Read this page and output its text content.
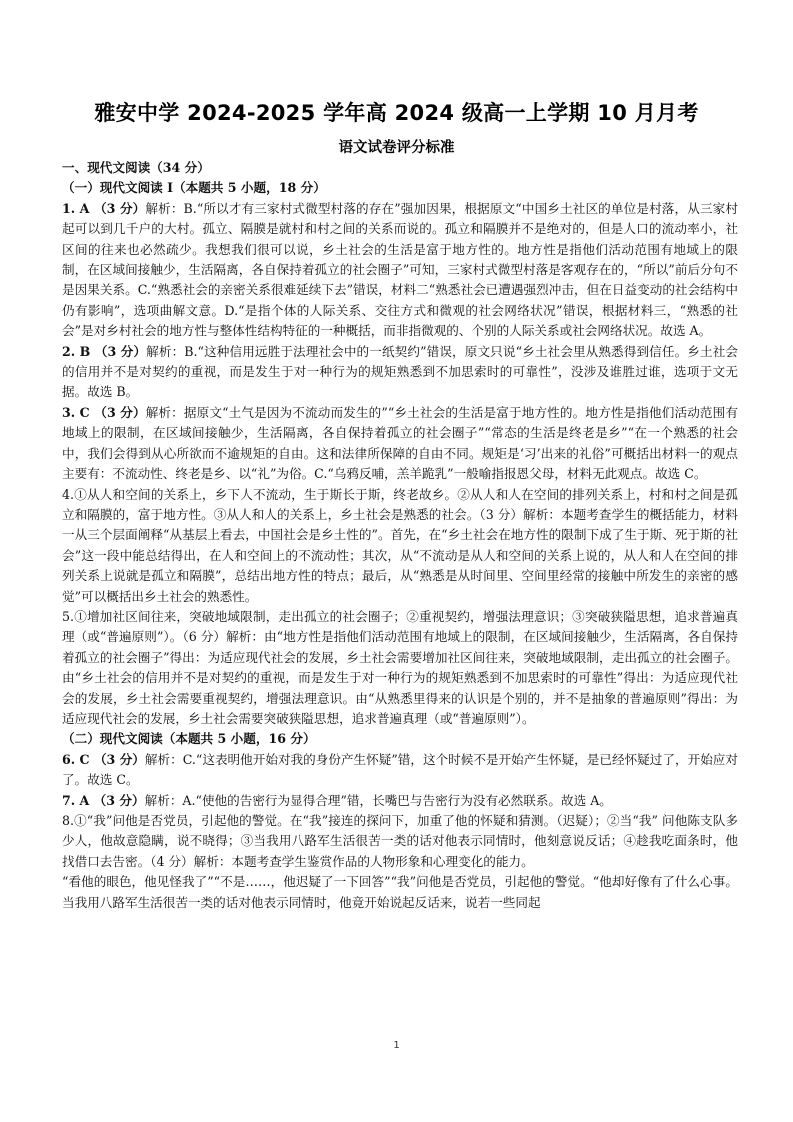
雅安中学 2024-2025 学年高 2024 级高一上学期 10 月月考
语文试卷评分标准

一、现代文阅读（34 分）

（一）现代文阅读 I（本题共 5 小题，18 分）

1. A （3 分）解析：B.“所以才有三家村式微型村落的存在”强加因果，根据原文“中国乡土社区的单位是村落，从三家村起可以到几千户的大村。孤立、隔膜是就村和村之间的关系而说的。孤立和隔膜并不是绝对的，但是人口的流动率小，社区间的往来也必然疏少。我想我们很可以说，乡土社会的生活是富于地方性的。地方性是指他们活动范围有地域上的限制，在区域间接触少，生活隔离，各自保持着孤立的社会圈子”可知，三家村式微型村落是客观存在的，“所以”前后分句不是因果关系。C.“熟悉社会的亲密关系很难延续下去”错误，材料二“熟悉社会已遭遇强烈冲击，但在日益变动的社会结构中仍有影响”，选项曲解文意。D.“是指个体的人际关系、交往方式和微观的社会网络状况”错误，根据材料三，“熟悉的社会”是对乡村社会的地方性与整体性结构特征的一种概括，而非指微观的、个别的人际关系或社会网络状况。故选 A。

2. B （3 分）解析：B.“这种信用远胜于法理社会中的一纸契约”错误，原文只说“乡土社会里从熟悉得到信任。乡土社会的信用并不是对契约的重视，而是发生于对一种行为的规矩熟悉到不加思索时的可靠性”，没涉及谁胜过谁，选项于文无据。故选 B。

3. C （3 分）解析：据原文“土气是因为不流动而发生的”“乡土社会的生活是富于地方性的。地方性是指他们活动范围有地域上的限制，在区域间接触少，生活隔离，各自保持着孤立的社会圈子”“常态的生活是终老是乡”“在一个熟悉的社会中，我们会得到从心所欲而不逾规矩的自由。这和法律所保障的自由不同。规矩是‘习’出来的礼俗”可概括出材料一的观点主要有：不流动性、终老是乡、以“礼”为俗。C.“乌鸦反哺，羔羊跪乳”一般喻指报恩父母，材料无此观点。故选 C。

4.①从人和空间的关系上，乡下人不流动，生于斯长于斯，终老故乡。②从人和人在空间的排列关系上，村和村之间是孤立和隔膜的，富于地方性。③从人和人的关系上，乡土社会是熟悉的社会。（3 分）解析：本题考查学生的概括能力，材料一从三个层面阐释“从基层上看去，中国社会是乡土性的”。首先，在“乡土社会在地方性的限制下成了生于斯、死于斯的社会”这一段中能总结得出，在人和空间上的不流动性；其次，从“不流动是从人和空间的关系上说的，从人和人在空间的排列关系上说就是孤立和隔膜”，总结出地方性的特点；最后，从“熟悉是从时间里、空间里经常的接触中所发生的亲密的感觉”可以概括出乡土社会的熟悉性。

5.①增加社区间往来，突破地域限制，走出孤立的社会圈子；②重视契约，增强法理意识；③突破狭隘思想，追求普遍真理（或“普遍原则”）。（6 分）解析：由“地方性是指他们活动范围有地域上的限制，在区域间接触少，生活隔离，各自保持着孤立的社会圈子”得出：为适应现代社会的发展，乡土社会需要增加社区间往来，突破地域限制，走出孤立的社会圈子。由“乡土社会的信用并不是对契约的重视，而是发生于对一种行为的规矩熟悉到不加思索时的可靠性”得出：为适应现代社会的发展，乡土社会需要重视契约，增强法理意识。由“从熟悉里得来的认识是个别的，并不是抽象的普遍原则”得出：为适应现代社会的发展，乡土社会需要突破狭隘思想，追求普遍真理（或“普遍原则”）。

（二）现代文阅读（本题共 5 小题，16 分）

6. C （3 分）解析：C.“这表明他开始对我的身份产生怀疑”错，这个时候不是开始产生怀疑，是已经怀疑过了，开始应对了。故选 C。

7. A （3 分）解析：A.“使他的告密行为显得合理”错，长嘴巴与告密行为没有必然联系。故选 A。

8.①“我”问他是否党员，引起他的警觉。在“我”接连的探问下，加重了他的怀疑和猜测。（迟疑）；②当“我” 问他陈支队多少人，他故意隐瞒，说不晓得；③当我用八路军生活很苦一类的话对他表示同情时，他刻意说反话；④趁我吃面条时，他找借口去告密。（4 分）解析：本题考查学生鉴赏作品的人物形象和心理变化的能力。

“看他的眼色，他见怪我了”“不是……，他迟疑了一下回答”“我”问他是否党员，引起他的警觉。“他却好像有了什么心事。当我用八路军生活很苦一类的话对他表示同情时，他竟开始说起反话来，说若一些同起

1
